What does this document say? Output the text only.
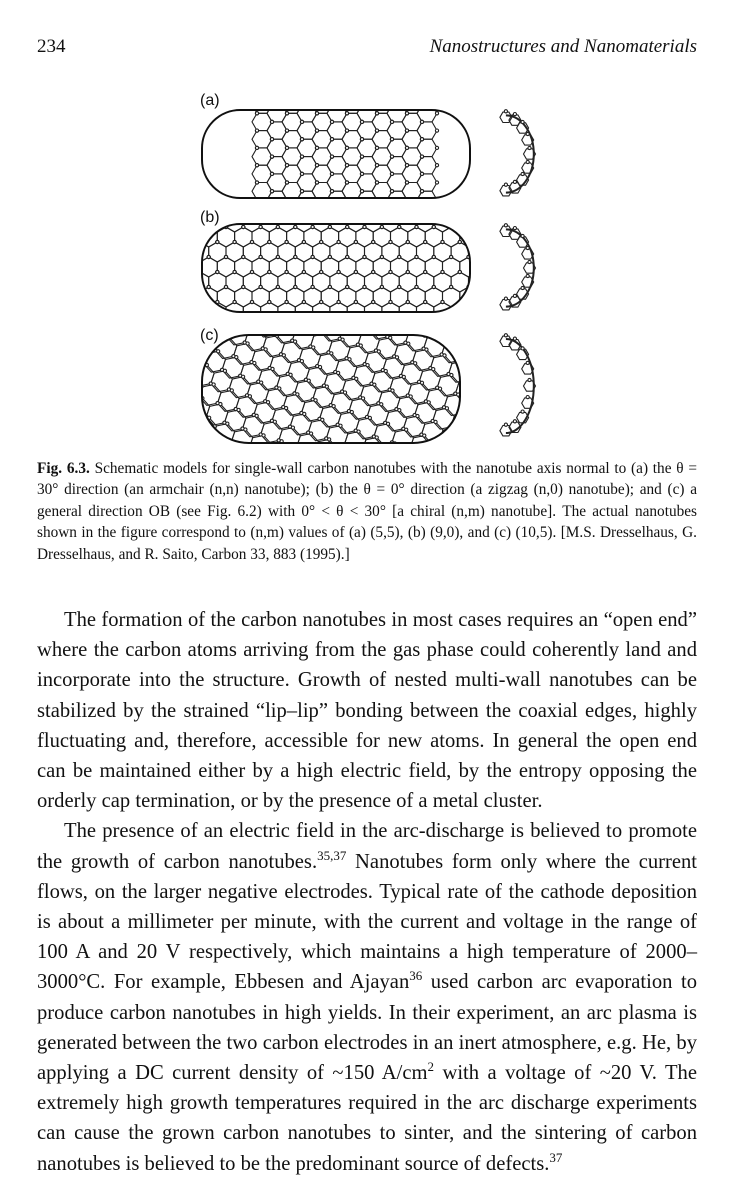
234	Nanostructures and Nanomaterials
(a)
(b)
(c)
Fig. 6.3. Schematic models for single-wall carbon nanotubes with the nanotube axis normal to (a) the θ = 30° direction (an armchair (n,n) nanotube); (b) the θ = 0° direction (a zigzag (n,0) nanotube); and (c) a general direction OB (see Fig. 6.2) with 0° < θ < 30° [a chiral (n,m) nanotube]. The actual nanotubes shown in the figure correspond to (n,m) values of (a) (5,5), (b) (9,0), and (c) (10,5). [M.S. Dresselhaus, G. Dresselhaus, and R. Saito, Carbon 33, 883 (1995).]

The formation of the carbon nanotubes in most cases requires an “open end” where the carbon atoms arriving from the gas phase could coherently land and incorporate into the structure. Growth of nested multi-wall nanotubes can be stabilized by the strained “lip–lip” bonding between the coaxial edges, highly fluctuating and, therefore, accessible for new atoms. In general the open end can be maintained either by a high electric field, by the entropy opposing the orderly cap termination, or by the presence of a metal cluster.

The presence of an electric field in the arc-discharge is believed to promote the growth of carbon nanotubes.$^{35,37}$ Nanotubes form only where the current flows, on the larger negative electrodes. Typical rate of the cathode deposition is about a millimeter per minute, with the current and voltage in the range of 100 A and 20 V respectively, which maintains a high temperature of 2000–3000°C. For example, Ebbesen and Ajayan$^{36}$ used carbon arc evaporation to produce carbon nanotubes in high yields. In their experiment, an arc plasma is generated between the two carbon electrodes in an inert atmosphere, e.g. He, by applying a DC current density of ~150 $A/cm^2$ with a voltage of ~20 V. The extremely high growth temperatures required in the arc discharge experiments can cause the grown carbon nanotubes to sinter, and the sintering of carbon nanotubes is believed to be the predominant source of defects.$^{37}$
